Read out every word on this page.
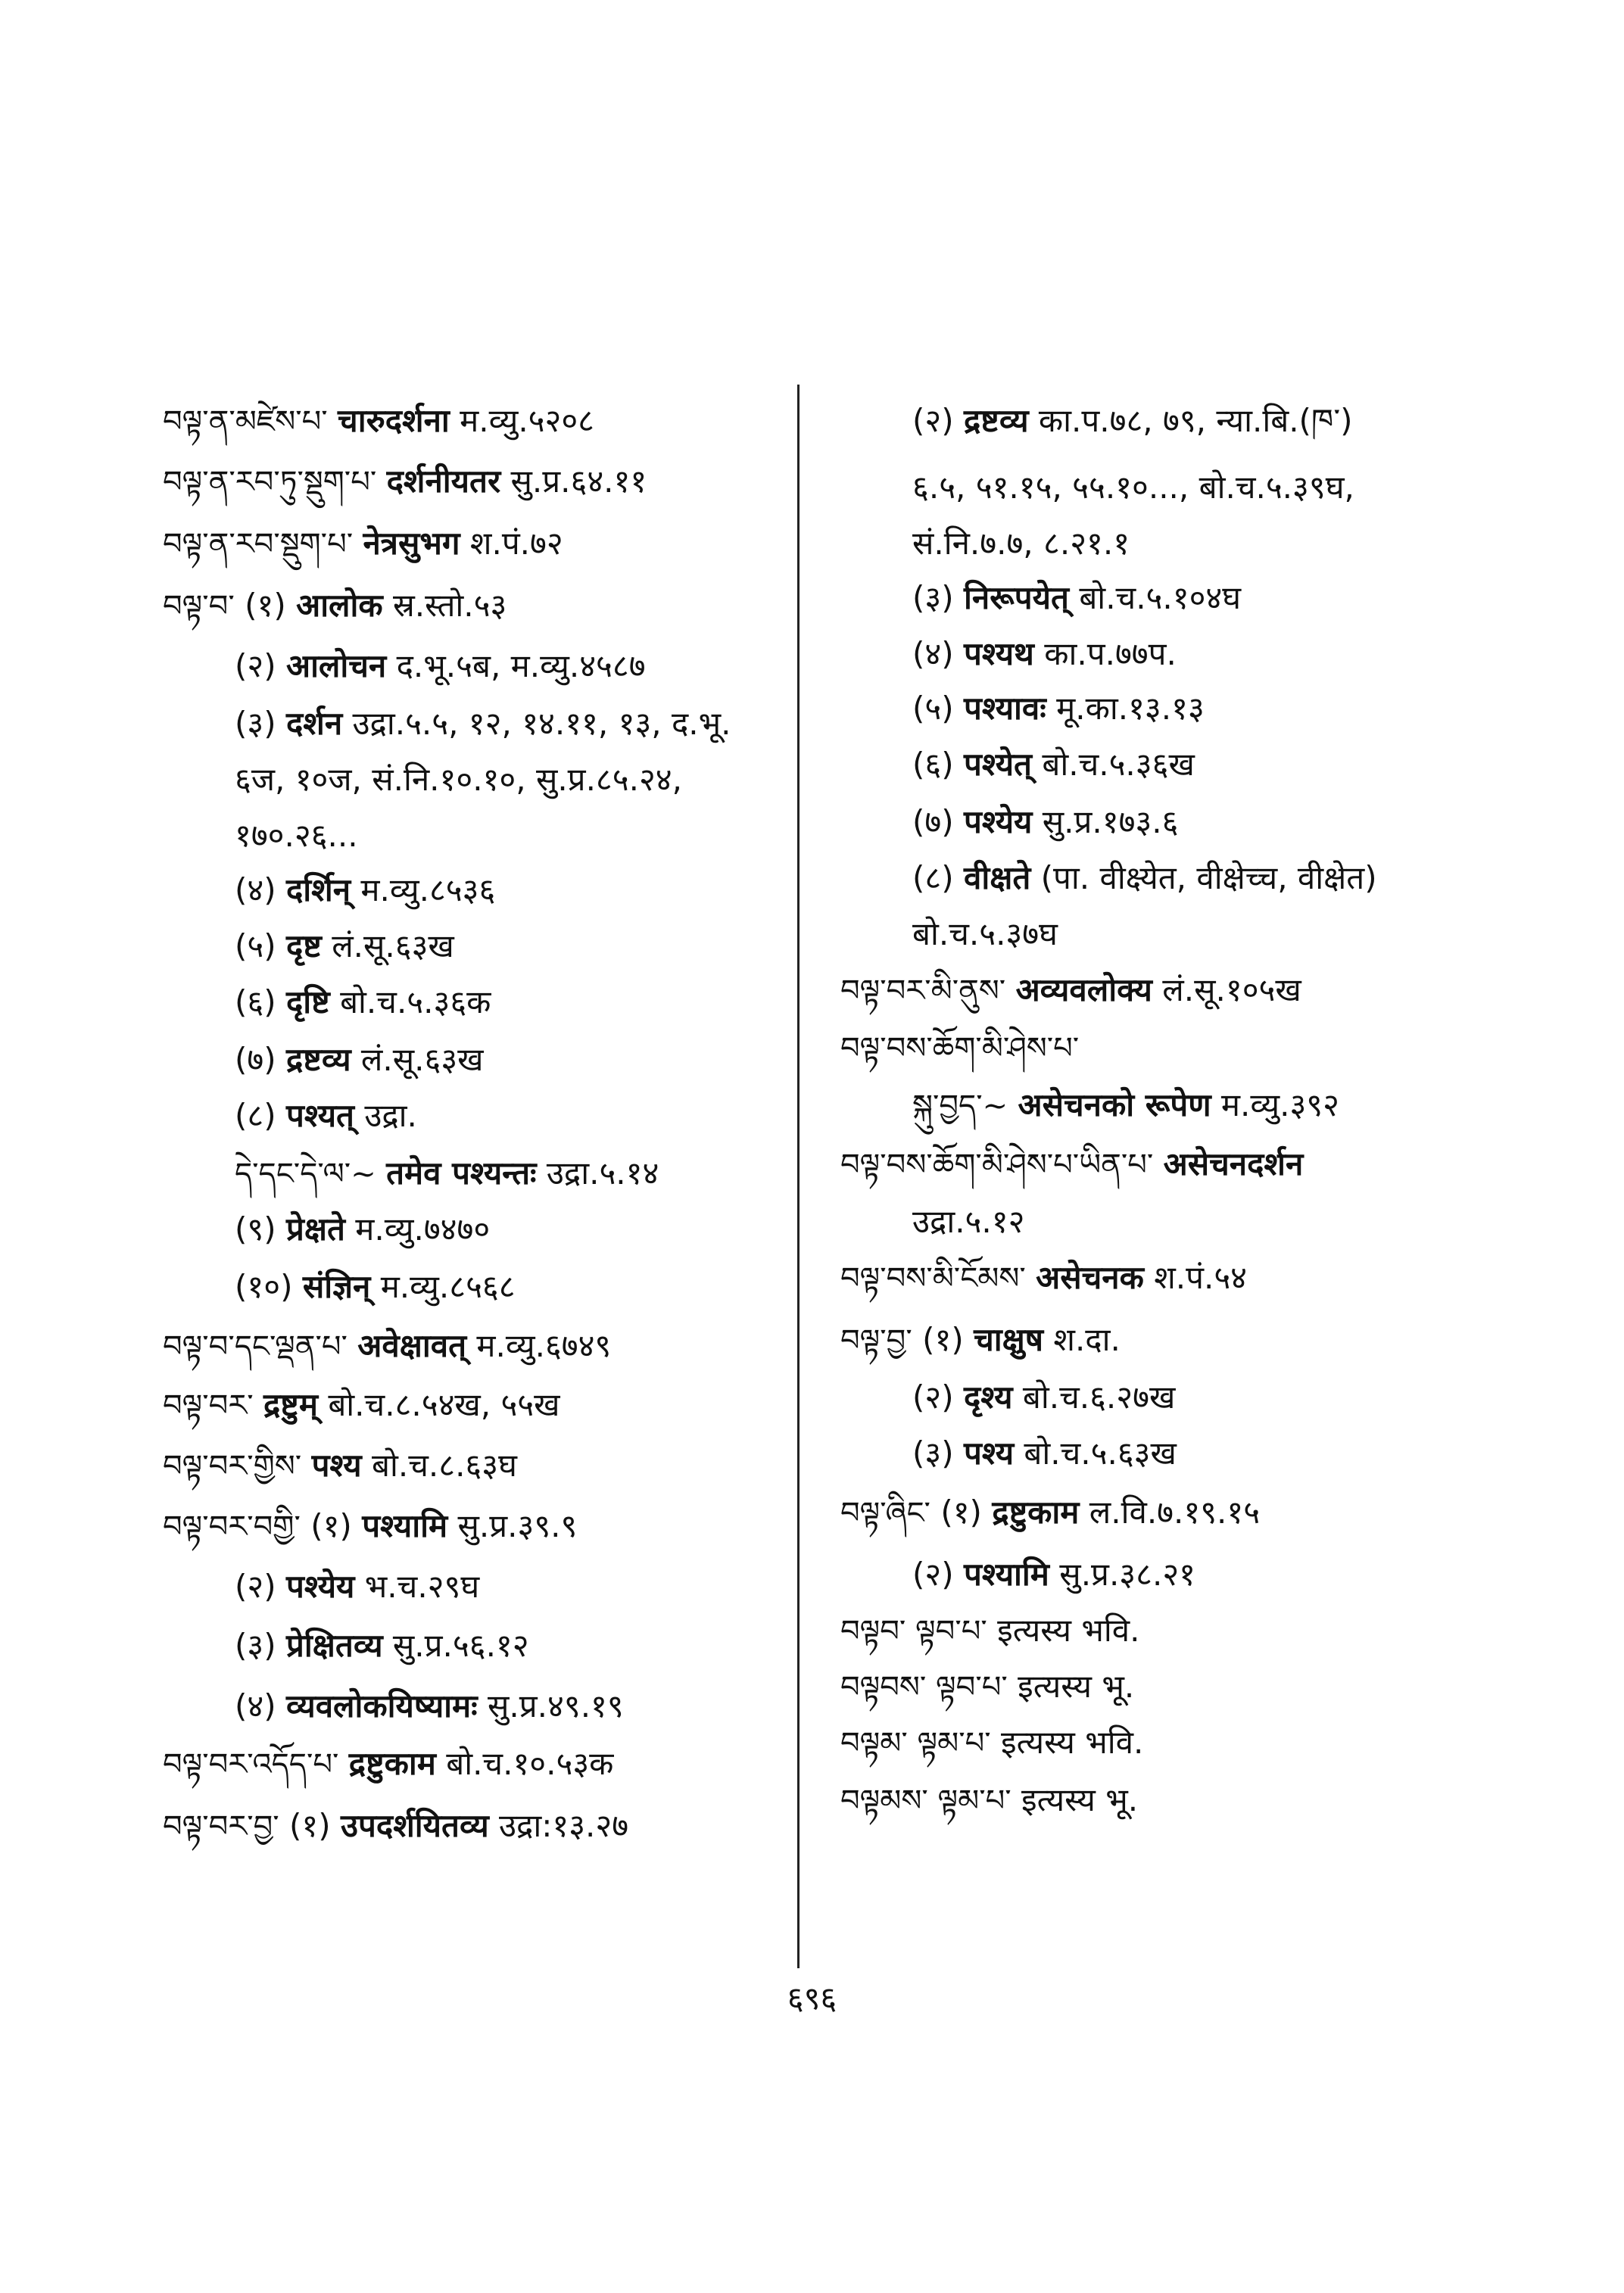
བལྟ་ན་མཛེས་པ་ चारुदर्शना म.व्यु.५२०८
བལྟ་ན་རབ་ཏུ་སྡུག་པ་ दर्शनीयतर सु.प्र.६४.११
བལྟ་ན་རབ་སྡུག་པ་ नेत्रसुभग श.पं.७२
བལྟ་བ་ (१) आलोक स्र.स्तो.५३
(२) आलोचन द.भू.५ब, म.व्यु.४५८७
(३) दर्शन उद्रा.५.५, १२, १४.११, १३, द.भू.
६ज, १०ज, सं.नि.१०.१०, सु.प्र.८५.२४,
१७०.२६...
(४) दर्शिन् म.व्यु.८५३६
(५) दृष्ट लं.सू.६३ख
(६) दृष्टि बो.च.५.३६क
(७) द्रष्टव्य लं.सू.६३ख
(८) पश्यत् उद्रा.
དེ་དང་དེ་ལ་~ तमेव पश्यन्तः उद्रा.५.१४
(९) प्रेक्षते म.व्यु.७४७०
(१०) संज्ञिन् म.व्यु.८५६८
བལྟ་བ་དང་ལྡན་པ་ अवेक्षावत् म.व्यु.६७४९
བལྟ་བར་ द्रष्टुम् बो.च.८.५४ख, ५५ख
བལྟ་བར་གྱིས་ पश्य बो.च.८.६३घ
བལྟ་བར་བགྱི་ (१) पश्यामि सु.प्र.३९.९
(२) पश्येय भ.च.२९घ
(३) प्रेक्षितव्य सु.प्र.५६.१२
(४) व्यवलोकयिष्यामः सु.प्र.४९.१९
བལྟ་བར་འདོད་པ་ द्रष्टुकाम बो.च.१०.५३क
བལྟ་བར་བྱ་ (१) उपदर्शयितव्य उद्रा:१३.२७
(२) द्रष्टव्य का.प.७८, ७९, न्या.बि.(ཁ་)
६.५, ५१.१५, ५५.१०..., बो.च.५.३९घ,
सं.नि.७.७, ८.२१.१
(३) निरूपयेत् बो.च.५.१०४घ
(४) पश्यथ का.प.७७प.
(५) पश्यावः मू.का.१३.१३
(६) पश्येत् बो.च.५.३६ख
(७) पश्येय सु.प्र.१७३.६
(८) वीक्षते (पा. वीक्ष्येत, वीक्षेच्च, वीक्षेत)
बो.च.५.३७घ
བལྟ་བར་མི་ནུས་ अव्यवलोक्य लं.सू.१०५ख
བལྟ་བས་ཆོག་མི་ཤེས་པ་
སྐུ་བྱད་~ असेचनको रूपेण म.व्यु.३९२
བལྟ་བས་ཆོག་མི་ཤེས་པ་ཡིན་པ་ असेचनदर्शन
उद्रा.५.१२
བལྟ་བས་མི་ངོམས་ असेचनक श.पं.५४
བལྟ་བྱ་ (१) चाक्षुष श.दा.
(२) दृश्य बो.च.६.२७ख
(३) पश्य बो.च.५.६३ख
བལྟ་ཞིང་ (१) द्रष्टुकाम ल.वि.७.१९.१५
(२) पश्यामि सु.प्र.३८.२१
བལྟབ་ ལྟབ་པ་ इत्यस्य भवि.
བལྟབས་ ལྟབ་པ་ इत्यस्य भू.
བལྟམ་ ལྟམ་པ་ इत्यस्य भवि.
བལྟམས་ ལྟམ་པ་ इत्यस्य भू.
६९६
